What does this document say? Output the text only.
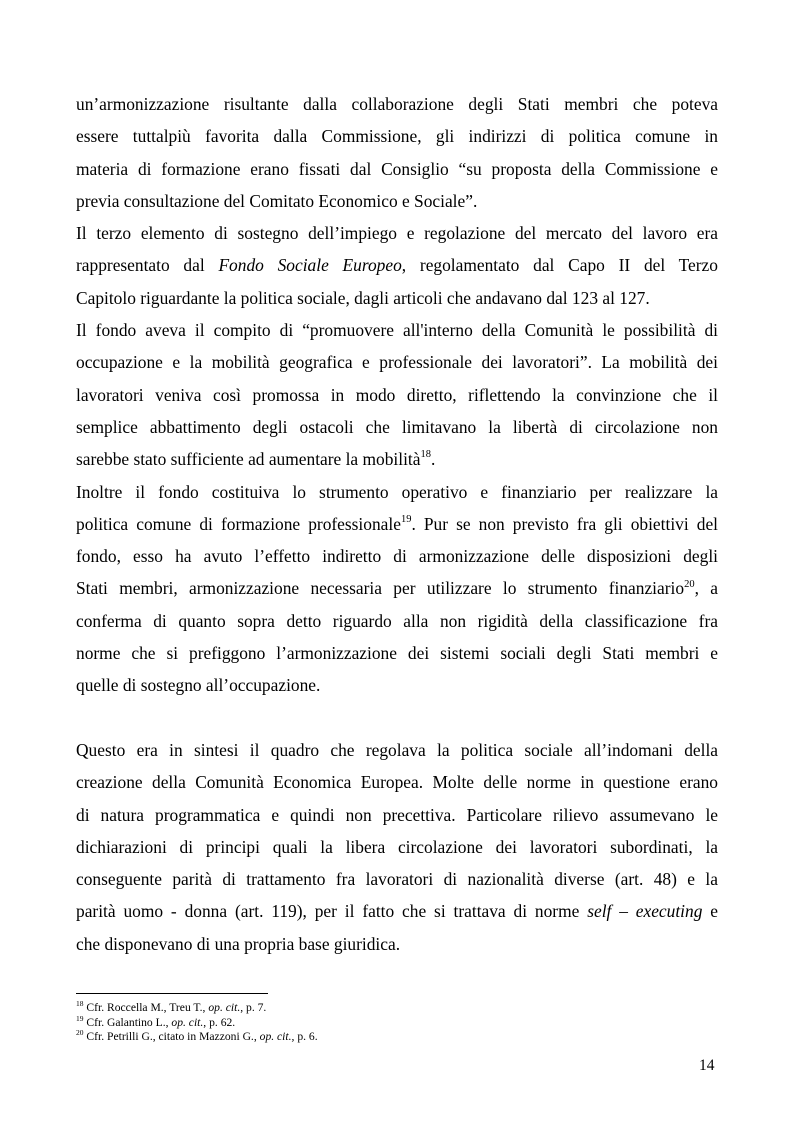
un’armonizzazione risultante dalla collaborazione degli Stati membri che poteva
essere tuttalpiù favorita dalla Commissione, gli indirizzi di politica comune in
materia di formazione erano fissati dal Consiglio “su proposta della Commissione e
previa consultazione del Comitato Economico e Sociale”.
Il terzo elemento di sostegno dell’impiego e regolazione del mercato del lavoro era
rappresentato dal Fondo Sociale Europeo, regolamentato dal Capo II del Terzo
Capitolo riguardante la politica sociale, dagli articoli che andavano dal 123 al 127.
Il fondo aveva il compito di “promuovere all'interno della Comunità le possibilità di
occupazione e la mobilità geografica e professionale dei lavoratori”. La mobilità dei
lavoratori veniva così promossa in modo diretto, riflettendo la convinzione che il
semplice abbattimento degli ostacoli che limitavano la libertà di circolazione non
sarebbe stato sufficiente ad aumentare la mobilità$^{18}$.
Inoltre il fondo costituiva lo strumento operativo e finanziario per realizzare la
politica comune di formazione professionale$^{19}$. Pur se non previsto fra gli obiettivi del
fondo, esso ha avuto l’effetto indiretto di armonizzazione delle disposizioni degli
Stati membri, armonizzazione necessaria per utilizzare lo strumento finanziario$^{20}$, a
conferma di quanto sopra detto riguardo alla non rigidità della classificazione fra
norme che si prefiggono l’armonizzazione dei sistemi sociali degli Stati membri e
quelle di sostegno all’occupazione.
Questo era in sintesi il quadro che regolava la politica sociale all’indomani della
creazione della Comunità Economica Europea. Molte delle norme in questione erano
di natura programmatica e quindi non precettiva. Particolare rilievo assumevano le
dichiarazioni di principi quali la libera circolazione dei lavoratori subordinati, la
conseguente parità di trattamento fra lavoratori di nazionalità diverse (art. 48) e la
parità uomo - donna (art. 119), per il fatto che si trattava di norme self – executing e
che disponevano di una propria base giuridica.
$^{18}$ Cfr. Roccella M., Treu T., op. cit., p. 7.
$^{19}$ Cfr. Galantino L., op. cit., p. 62.
$^{20}$ Cfr. Petrilli G., citato in Mazzoni G., op. cit., p. 6.
14
